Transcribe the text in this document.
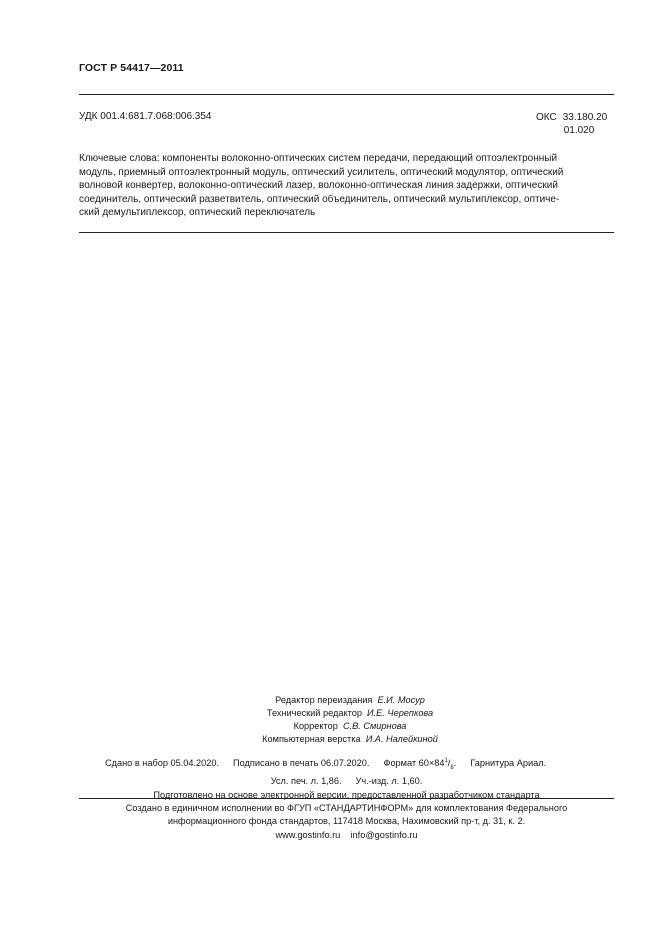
ГОСТ Р 54417—2011
УДК 001.4:681.7.068:006.354	ОКС 33.180.20
01.020

Ключевые слова: компоненты волоконно-оптических систем передачи, передающий оптоэлектронный

модуль, приемный оптоэлектронный модуль, оптический усилитель, оптический модулятор, оптический

волновой конвертер, волоконно-оптический лазер, волоконно-оптическая линия задержки, оптический

соединитель, оптический разветвитель, оптический объединитель, оптический мультиплексор, оптиче-

ский демультиплексор, оптический переключатель

Редактор переиздания Е.И. Мосур
Технический редактор И.Е. Черепкова
Корректор С.В. Смирнова
Компьютерная верстка И.А. Налейкиной
Сдано в набор 05.04.2020. Подписано в печать 06.07.2020. Формат $60\times 84^1/_8$. Гарнитура Ариал.
Усл. печ. л. 1,86. Уч.-изд. л. 1,60.
Подготовлено на основе электронной версии, предоставленной разработчиком стандарта
Создано в единичном исполнении во ФГУП «СТАНДАРТИНФОРМ» для комплектования Федерального
информационного фонда стандартов, 117418 Москва, Нахимовский пр-т, д. 31, к. 2.
www.gostinfo.ru info@gostinfo.ru
